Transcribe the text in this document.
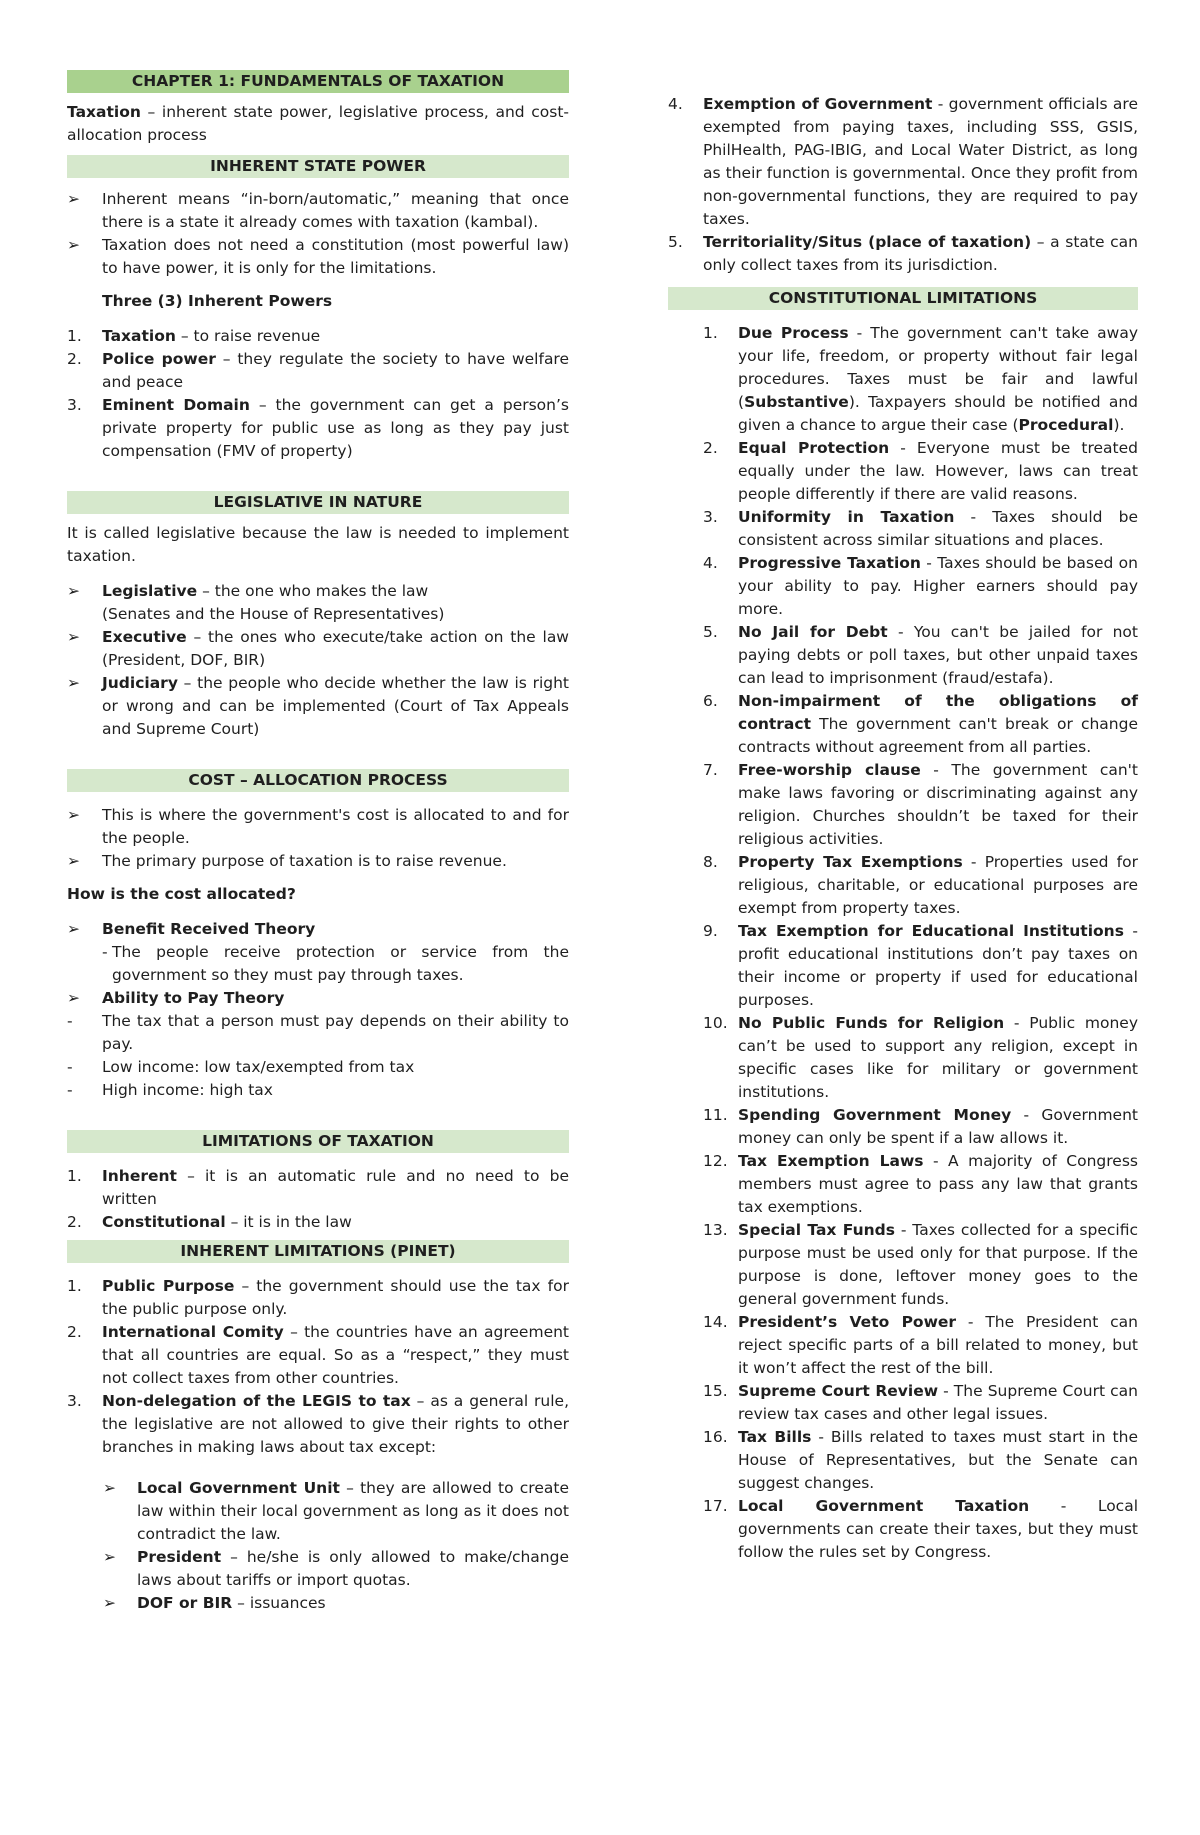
CHAPTER 1: FUNDAMENTALS OF TAXATION

Taxation – inherent state power, legislative process, and cost-allocation process

INHERENT STATE POWER
➢ Inherent means “in-born/automatic,” meaning that once there is a state it already comes with taxation (kambal).
➢ Taxation does not need a constitution (most powerful law) to have power, it is only for the limitations.

Three (3) Inherent Powers

1. Taxation – to raise revenue
2. Police power – they regulate the society to have welfare and peace
3. Eminent Domain – the government can get a person’s private property for public use as long as they pay just compensation (FMV of property)
LEGISLATIVE IN NATURE

It is called legislative because the law is needed to implement taxation.

➢ Legislative – the one who makes the law
(Senates and the House of Representatives)
➢ Executive – the ones who execute/take action on the law (President, DOF, BIR)
➢ Judiciary – the people who decide whether the law is right or wrong and can be implemented (Court of Tax Appeals and Supreme Court)
COST – ALLOCATION PROCESS
➢ This is where the government's cost is allocated to and for the people.
➢ The primary purpose of taxation is to raise revenue.

How is the cost allocated?

➢ Benefit Received Theory
- The people receive protection or service from the government so they must pay through taxes.
➢ Ability to Pay Theory
- The tax that a person must pay depends on their ability to pay.
- Low income: low tax/exempted from tax
- High income: high tax
LIMITATIONS OF TAXATION
1. Inherent – it is an automatic rule and no need to be written
2. Constitutional – it is in the law
INHERENT LIMITATIONS (PINET)
1. Public Purpose – the government should use the tax for the public purpose only.
2. International Comity – the countries have an agreement that all countries are equal. So as a “respect,” they must not collect taxes from other countries.
3. Non-delegation of the LEGIS to tax – as a general rule, the legislative are not allowed to give their rights to other branches in making laws about tax except:
➢ Local Government Unit – they are allowed to create law within their local government as long as it does not contradict the law.
➢ President – he/she is only allowed to make/change laws about tariffs or import quotas.
➢ DOF or BIR – issuances
4. Exemption of Government - government officials are exempted from paying taxes, including SSS, GSIS, PhilHealth, PAG-IBIG, and Local Water District, as long as their function is governmental. Once they profit from non-governmental functions, they are required to pay taxes.
5. Territoriality/Situs (place of taxation) – a state can only collect taxes from its jurisdiction.
CONSTITUTIONAL LIMITATIONS
1. Due Process - The government can't take away your life, freedom, or property without fair legal procedures. Taxes must be fair and lawful (Substantive). Taxpayers should be notified and given a chance to argue their case (Procedural).
2. Equal Protection - Everyone must be treated equally under the law. However, laws can treat people differently if there are valid reasons.
3. Uniformity in Taxation - Taxes should be consistent across similar situations and places.
4. Progressive Taxation - Taxes should be based on your ability to pay. Higher earners should pay more.
5. No Jail for Debt - You can't be jailed for not paying debts or poll taxes, but other unpaid taxes can lead to imprisonment (fraud/estafa).
6. Non-impairment of the obligations of contract The government can't break or change contracts without agreement from all parties.
7. Free-worship clause - The government can't make laws favoring or discriminating against any religion. Churches shouldn’t be taxed for their religious activities.
8. Property Tax Exemptions - Properties used for religious, charitable, or educational purposes are exempt from property taxes.
9. Tax Exemption for Educational Institutions - profit educational institutions don’t pay taxes on their income or property if used for educational purposes.
10. No Public Funds for Religion - Public money can’t be used to support any religion, except in specific cases like for military or government institutions.
11. Spending Government Money - Government money can only be spent if a law allows it.
12. Tax Exemption Laws - A majority of Congress members must agree to pass any law that grants tax exemptions.
13. Special Tax Funds - Taxes collected for a specific purpose must be used only for that purpose. If the purpose is done, leftover money goes to the general government funds.
14. President’s Veto Power - The President can reject specific parts of a bill related to money, but it won’t affect the rest of the bill.
15. Supreme Court Review - The Supreme Court can review tax cases and other legal issues.
16. Tax Bills - Bills related to taxes must start in the House of Representatives, but the Senate can suggest changes.
17. Local Government Taxation - Local governments can create their taxes, but they must follow the rules set by Congress.
